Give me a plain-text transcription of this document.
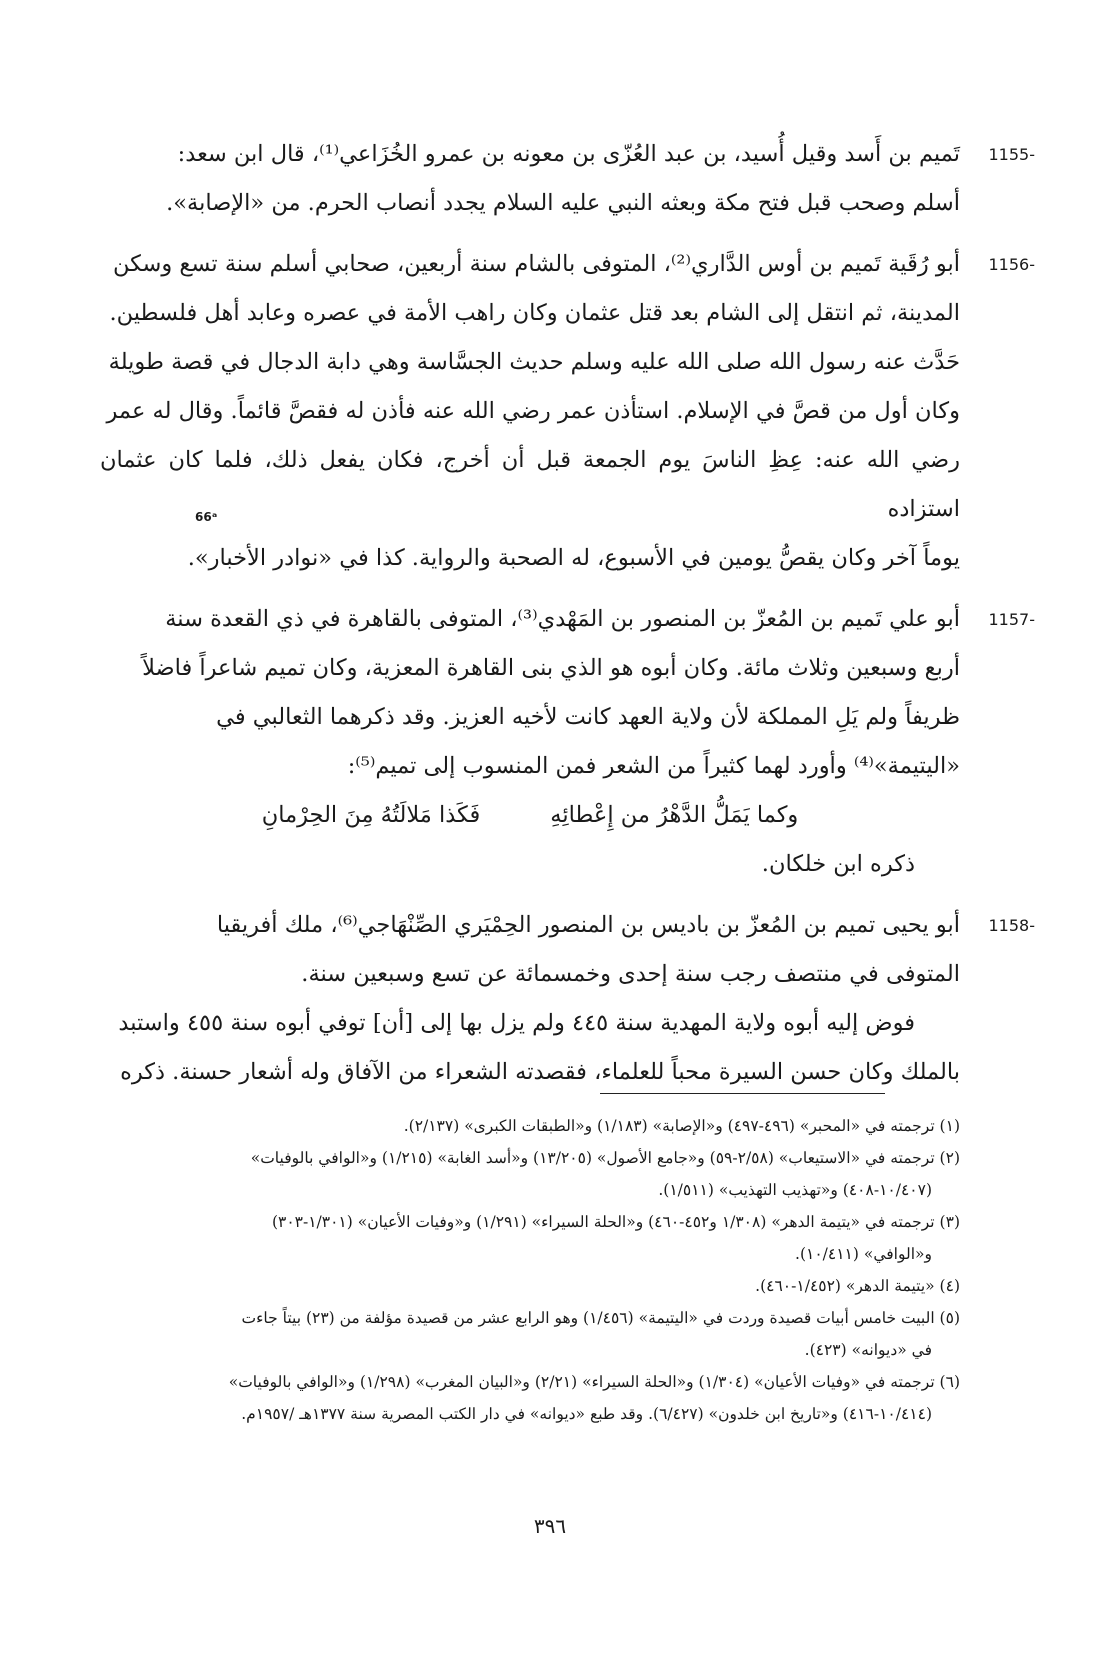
1155-

تَميم بن أَسد وقيل أُسيد، بن عبد العُزّى بن معونه بن عمرو الخُزَاعي⁽¹⁾، قال ابن سعد:

أسلم وصحب قبل فتح مكة وبعثه النبي عليه السلام يجدد أنصاب الحرم. من «الإصابة».

1156-

أبو رُقَية تَميم بن أوس الدَّاري⁽²⁾، المتوفى بالشام سنة أربعين، صحابي أسلم سنة تسع وسكن

المدينة، ثم انتقل إلى الشام بعد قتل عثمان وكان راهب الأمة في عصره وعابد أهل فلسطين.

حَدَّث عنه رسول الله صلى الله عليه وسلم حديث الجسَّاسة وهي دابة الدجال في قصة طويلة

وكان أول من قصَّ في الإسلام. استأذن عمر رضي الله عنه فأذن له فقصَّ قائماً. وقال له عمر

رضي الله عنه: عِظِ الناسَ يوم الجمعة قبل أن أخرج، فكان يفعل ذلك، فلما كان عثمان استزاده

يوماً آخر وكان يقصُّ يومين في الأسبوع، له الصحبة والرواية. كذا في «نوادر الأخبار».

1157-

أبو علي تَميم بن المُعزّ بن المنصور بن المَهْدي⁽³⁾، المتوفى بالقاهرة في ذي القعدة سنة

أربع وسبعين وثلاث مائة. وكان أبوه هو الذي بنى القاهرة المعزية، وكان تميم شاعراً فاضلاً

ظريفاً ولم يَلِ المملكة لأن ولاية العهد كانت لأخيه العزيز. وقد ذكرهما الثعالبي في

«اليتيمة»⁽⁴⁾ وأورد لهما كثيراً من الشعر فمن المنسوب إلى تميم⁽⁵⁾:

وكما يَمَلُّ الدَّهْرُ من إِعْطائِهِ
فَكَذا مَلالَتُهُ مِنَ الحِرْمانِ

ذكره ابن خلكان.

1158-

أبو يحيى تميم بن المُعزّ بن باديس بن المنصور الحِمْيَري الصِّنْهَاجي⁽⁶⁾، ملك أفريقيا

المتوفى في منتصف رجب سنة إحدى وخمسمائة عن تسع وسبعين سنة.

فوض إليه أبوه ولاية المهدية سنة ٤٤٥ ولم يزل بها إلى [أن] توفي أبوه سنة ٤٥٥ واستبد

بالملك وكان حسن السيرة محباً للعلماء، فقصدته الشعراء من الآفاق وله أشعار حسنة. ذكره

66ᵃ

(١) ترجمته في «المحبر» (٤٩٦-٤٩٧) و«الإصابة» (١/١٨٣) و«الطبقات الكبرى» (٢/١٣٧).

(٢) ترجمته في «الاستيعاب» (٢/٥٨-٥٩) و«جامع الأصول» (١٣/٢٠٥) و«أسد الغابة» (١/٢١٥) و«الوافي بالوفيات»
(١٠/٤٠٧-٤٠٨) و«تهذيب التهذيب» (١/٥١١).

(٣) ترجمته في «يتيمة الدهر» (١/٣٠٨ و٤٥٢-٤٦٠) و«الحلة السيراء» (١/٢٩١) و«وفيات الأعيان» (١/٣٠١-٣٠٣)
و«الوافي» (١٠/٤١١).

(٤) «يتيمة الدهر» (١/٤٥٢-٤٦٠).

(٥) البيت خامس أبيات قصيدة وردت في «اليتيمة» (١/٤٥٦) وهو الرابع عشر من قصيدة مؤلفة من (٢٣) بيتاً جاءت
في «ديوانه» (٤٢٣).

(٦) ترجمته في «وفيات الأعيان» (١/٣٠٤) و«الحلة السيراء» (٢/٢١) و«البيان المغرب» (١/٢٩٨) و«الوافي بالوفيات»
(١٠/٤١٤-٤١٦) و«تاريخ ابن خلدون» (٦/٤٢٧). وقد طبع «ديوانه» في دار الكتب المصرية سنة ١٣٧٧هـ /١٩٥٧م.

٣٩٦
